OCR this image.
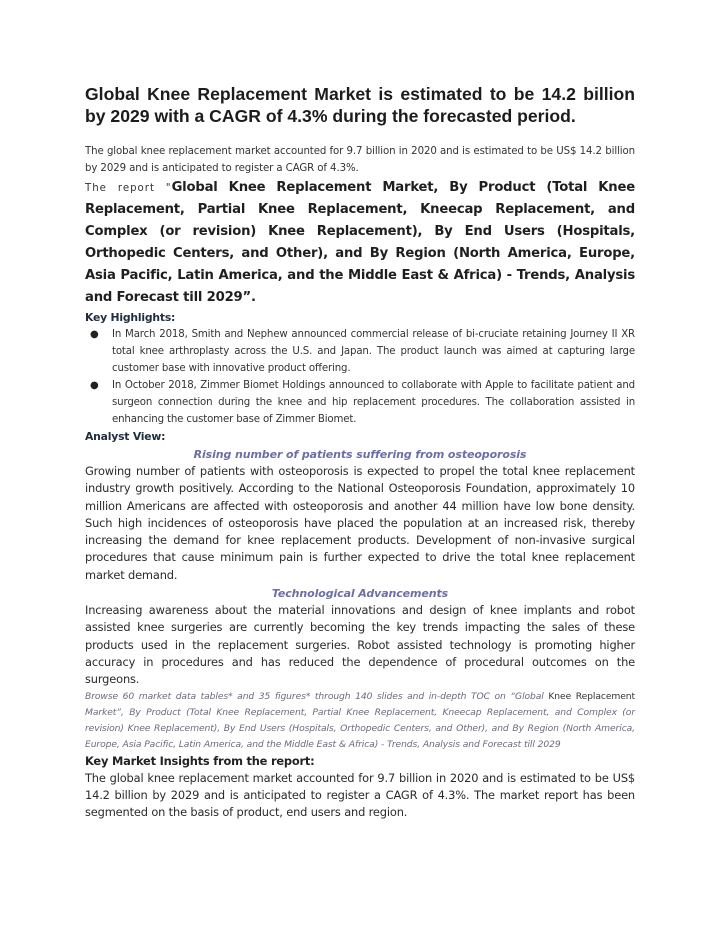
Global Knee Replacement Market is estimated to be 14.2 billion by 2029 with a CAGR of 4.3% during the forecasted period.

The global knee replacement market accounted for 9.7 billion in 2020 and is estimated to be US$ 14.2 billion by 2029 and is anticipated to register a CAGR of 4.3%.

The report "Global Knee Replacement Market, By Product (Total Knee Replacement, Partial Knee Replacement, Kneecap Replacement, and Complex (or revision) Knee Replacement), By End Users (Hospitals, Orthopedic Centers, and Other), and By Region (North America, Europe, Asia Pacific, Latin America, and the Middle East & Africa) - Trends, Analysis and Forecast till 2029”.

Key Highlights:

● In March 2018, Smith and Nephew announced commercial release of bi-cruciate retaining Journey II XR total knee arthroplasty across the U.S. and Japan. The product launch was aimed at capturing large customer base with innovative product offering.
● In October 2018, Zimmer Biomet Holdings announced to collaborate with Apple to facilitate patient and surgeon connection during the knee and hip replacement procedures. The collaboration assisted in enhancing the customer base of Zimmer Biomet.

Analyst View:

Rising number of patients suffering from osteoporosis

Growing number of patients with osteoporosis is expected to propel the total knee replacement industry growth positively. According to the National Osteoporosis Foundation, approximately 10 million Americans are affected with osteoporosis and another 44 million have low bone density. Such high incidences of osteoporosis have placed the population at an increased risk, thereby increasing the demand for knee replacement products. Development of non-invasive surgical procedures that cause minimum pain is further expected to drive the total knee replacement market demand.

Technological Advancements

Increasing awareness about the material innovations and design of knee implants and robot assisted knee surgeries are currently becoming the key trends impacting the sales of these products used in the replacement surgeries. Robot assisted technology is promoting higher accuracy in procedures and has reduced the dependence of procedural outcomes on the surgeons.

Browse 60 market data tables* and 35 figures* through 140 slides and in-depth TOC on “Global Knee Replacement Market”, By Product (Total Knee Replacement, Partial Knee Replacement, Kneecap Replacement, and Complex (or revision) Knee Replacement), By End Users (Hospitals, Orthopedic Centers, and Other), and By Region (North America, Europe, Asia Pacific, Latin America, and the Middle East & Africa) - Trends, Analysis and Forecast till 2029

Key Market Insights from the report:

The global knee replacement market accounted for 9.7 billion in 2020 and is estimated to be US$ 14.2 billion by 2029 and is anticipated to register a CAGR of 4.3%. The market report has been segmented on the basis of product, end users and region.
